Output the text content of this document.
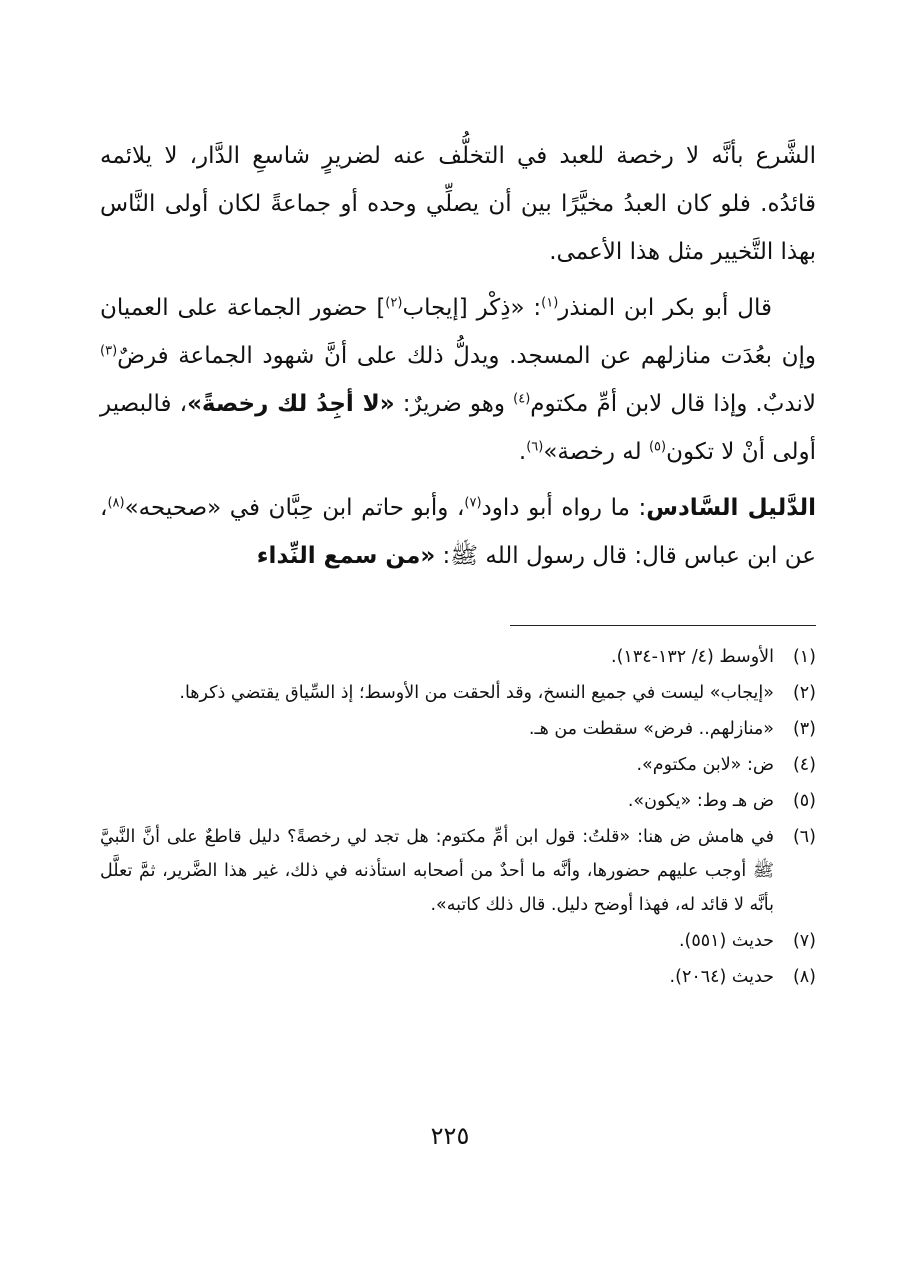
الشَّرع بأنَّه لا رخصة للعبد في التخلُّف عنه لضريرٍ شاسعِ الدَّار، لا يلائمه قائدُه. فلو كان العبدُ مخيَّرًا بين أن يصلِّي وحده أو جماعةً لكان أولى النَّاس بهذا التَّخيير مثل هذا الأعمى.

قال أبو بكر ابن المنذر$^{(١)}$: «ذِكْر [إيجاب$^{(٢)}$] حضور الجماعة على العميان وإن بعُدَت منازلهم عن المسجد. ويدلُّ ذلك على أنَّ شهود الجماعة فرضٌ$^{(٣)}$ لاندبٌ. وإذا قال لابن أمِّ مكتوم$^{(٤)}$ وهو ضريرٌ: «لا أجِدُ لك رخصةً»، فالبصير أولى أنْ لا تكون$^{(٥)}$ له رخصة»$^{(٦)}$.

الدَّليل السَّادس: ما رواه أبو داود$^{(٧)}$، وأبو حاتم ابن حِبَّان في «صحيحه»$^{(٨)}$، عن ابن عباس قال: قال رسول الله ﷺ: «من سمع النِّداء

(١)
الأوسط (٤/ ١٣٢-١٣٤).
(٢)
«إيجاب» ليست في جميع النسخ، وقد ألحقت من الأوسط؛ إذ السِّياق يقتضي ذكرها.
(٣)
«منازلهم.. فرض» سقطت من هـ.
(٤)
ض: «لابن مكتوم».
(٥)
ض هـ وط: «يكون».
(٦)
في هامش ض هنا: «قلتُ: قول ابن أمِّ مكتوم: هل تجد لي رخصةً؟ دليل قاطعٌ على أنَّ النَّبيَّ ﷺ أوجب عليهم حضورها، وأنَّه ما أحدٌ من أصحابه استأذنه في ذلك، غير هذا الضَّرير، ثمَّ تعلَّل بأنَّه لا قائد له، فهذا أوضح دليل. قال ذلك كاتبه».
(٧)
حديث (٥٥١).
(٨)
حديث (٢٠٦٤).
٢٢٥
